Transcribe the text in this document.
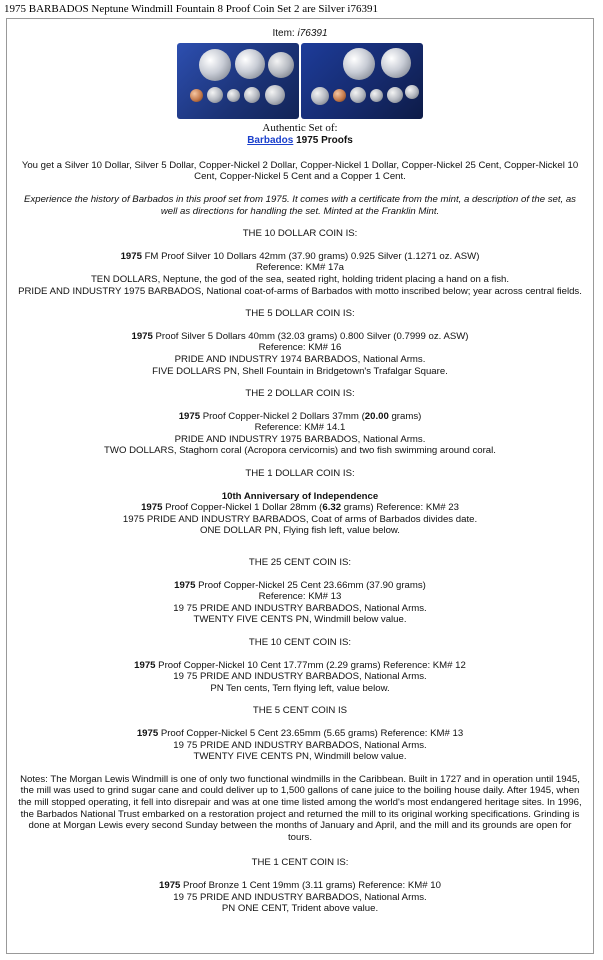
1975 BARBADOS Neptune Windmill Fountain 8 Proof Coin Set 2 are Silver i76391
Item: i76391
Authentic Set of:
Barbados 1975 Proofs

You get a Silver 10 Dollar, Silver 5 Dollar, Copper-Nickel 2 Dollar, Copper-Nickel 1 Dollar, Copper-Nickel 25 Cent, Copper-Nickel 10 Cent, Copper-Nickel 5 Cent and a Copper 1 Cent.

Experience the history of Barbados in this proof set from 1975. It comes with a certificate from the mint, a description of the set, as well as directions for handling the set. Minted at the Franklin Mint.

THE 10 DOLLAR COIN IS:

1975 FM Proof Silver 10 Dollars 42mm (37.90 grams) 0.925 Silver (1.1271 oz. ASW)

Reference: KM# 17a

TEN DOLLARS, Neptune, the god of the sea, seated right, holding trident placing a hand on a fish.

PRIDE AND INDUSTRY 1975 BARBADOS, National coat-of-arms of Barbados with motto inscribed below; year across central fields.

THE 5 DOLLAR COIN IS:

1975 Proof Silver 5 Dollars 40mm (32.03 grams) 0.800 Silver (0.7999 oz. ASW)

Reference: KM# 16

PRIDE AND INDUSTRY 1974 BARBADOS, National Arms.

FIVE DOLLARS PN, Shell Fountain in Bridgetown's Trafalgar Square.

THE 2 DOLLAR COIN IS:

1975 Proof Copper-Nickel 2 Dollars 37mm (20.00 grams)

Reference: KM# 14.1

PRIDE AND INDUSTRY 1975 BARBADOS, National Arms.

TWO DOLLARS, Staghorn coral (Acropora cervicornis) and two fish swimming around coral.

THE 1 DOLLAR COIN IS:

10th Anniversary of Independence

1975 Proof Copper-Nickel 1 Dollar 28mm (6.32 grams) Reference: KM# 23

1975 PRIDE AND INDUSTRY BARBADOS, Coat of arms of Barbados divides date.

ONE DOLLAR PN, Flying fish left, value below.

THE 25 CENT COIN IS:

1975 Proof Copper-Nickel 25 Cent 23.66mm (37.90 grams)

Reference: KM# 13

19 75 PRIDE AND INDUSTRY BARBADOS, National Arms.

TWENTY FIVE CENTS PN, Windmill below value.

THE 10 CENT COIN IS:

1975 Proof Copper-Nickel 10 Cent 17.77mm (2.29 grams) Reference: KM# 12

19 75 PRIDE AND INDUSTRY BARBADOS, National Arms.

PN Ten cents, Tern flying left, value below.

THE 5 CENT COIN IS

1975 Proof Copper-Nickel 5 Cent 23.65mm (5.65 grams) Reference: KM# 13

19 75 PRIDE AND INDUSTRY BARBADOS, National Arms.

TWENTY FIVE CENTS PN, Windmill below value.

Notes: The Morgan Lewis Windmill is one of only two functional windmills in the Caribbean. Built in 1727 and in operation until 1945, the mill was used to grind sugar cane and could deliver up to 1,500 gallons of cane juice to the boiling house daily. After 1945, when the mill stopped operating, it fell into disrepair and was at one time listed among the world's most endangered heritage sites. In 1996, the Barbados National Trust embarked on a restoration project and returned the mill to its original working specifications. Grinding is done at Morgan Lewis every second Sunday between the months of January and April, and the mill and its grounds are open for tours.

THE 1 CENT COIN IS:

1975 Proof Bronze 1 Cent 19mm (3.11 grams) Reference: KM# 10

19 75 PRIDE AND INDUSTRY BARBADOS, National Arms.

PN ONE CENT, Trident above value.
